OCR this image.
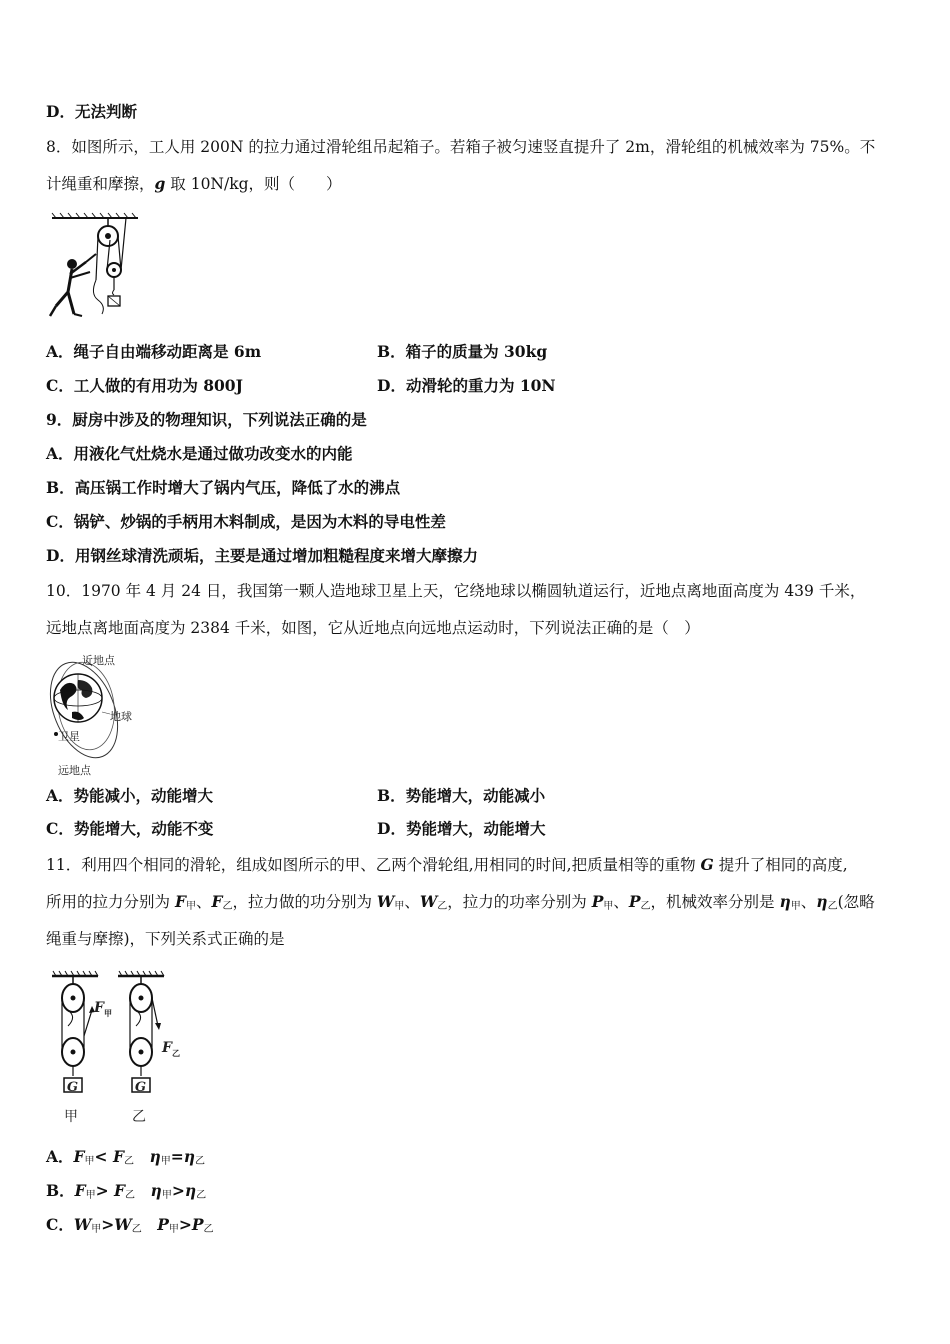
D．无法判断
8．如图所示，工人用 200N 的拉力通过滑轮组吊起箱子。若箱子被匀速竖直提升了 2m，滑轮组的机械效率为 75%。不
计绳重和摩擦，g 取 10N/kg，则（　　）
A．绳子自由端移动距离是 6m	B．箱子的质量为 30kg
C．工人做的有用功为 800J	D．动滑轮的重力为 10N
9．厨房中涉及的物理知识，下列说法正确的是
A．用液化气灶烧水是通过做功改变水的内能
B．高压锅工作时增大了锅内气压，降低了水的沸点
C．锅铲、炒锅的手柄用木料制成，是因为木料的导电性差
D．用钢丝球清洗顽垢，主要是通过增加粗糙程度来增大摩擦力
10．1970 年 4 月 24 日，我国第一颗人造地球卫星上天，它绕地球以椭圆轨道运行，近地点离地面高度为 439 千米，
远地点离地面高度为 2384 千米，如图，它从近地点向远地点运动时，下列说法正确的是（　）
近地点
地球
卫星
远地点
A．势能减小，动能增大	B．势能增大，动能减小
C．势能增大，动能不变	D．势能增大，动能增大
11．利用四个相同的滑轮，组成如图所示的甲、乙两个滑轮组,用相同的时间,把质量相等的重物 G 提升了相同的高度,
所用的拉力分别为 $F_甲$、$F_乙$，拉力做的功分别为 $W_甲$、$W_乙$，拉力的功率分别为 $P_甲$、$P_乙$，机械效率分别是 $\eta_甲$、$\eta_乙$(忽略
绳重与摩擦)，下列关系式正确的是
$F_甲$
$F_乙$
G	G
甲	乙
A．$F_甲< F_乙$　 $\eta_甲=\eta_乙$
B．$F_甲> F_乙$　 $\eta_甲>\eta_乙$
C．$W_甲>W_乙$　 $P_甲>P_乙$
